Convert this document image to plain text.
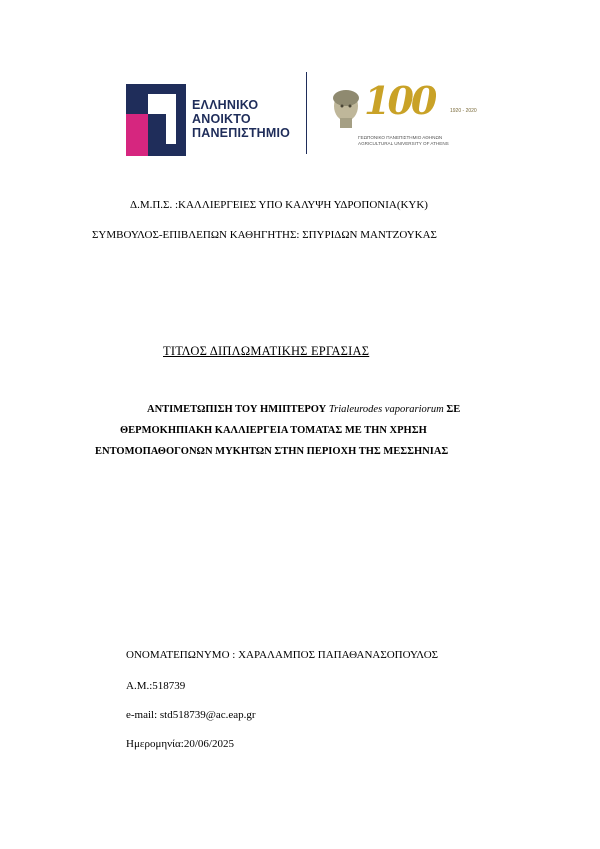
ΕΛΛΗΝΙΚΟ
ΑΝΟΙΚΤΟ
ΠΑΝΕΠΙΣΤΗΜΙΟ
100	1920 - 2020
ΓΕΩΠΟΝΙΚΟ ΠΑΝΕΠΙΣΤΗΜΙΟ ΑΘΗΝΩΝ
AGRICULTURAL UNIVERSITY OF ATHENS
Δ.Μ.Π.Σ. :ΚΑΛΛΙΕΡΓΕΙΕΣ ΥΠΟ ΚΑΛΥΨΗ ΥΔΡΟΠΟΝΙΑ(ΚΥΚ)
ΣΥΜΒΟΥΛΟΣ-ΕΠΙΒΛΕΠΩΝ ΚΑΘΗΓΗΤΗΣ: ΣΠΥΡΙΔΩΝ ΜΑΝΤΖΟΥΚΑΣ
ΤΙΤΛΟΣ ΔΙΠΛΩΜΑΤΙΚΗΣ ΕΡΓΑΣΙΑΣ
ΑΝΤΙΜΕΤΩΠΙΣΗ ΤΟΥ ΗΜΙΠΤΕΡΟΥ Trialeurodes vaporariorum ΣΕ
ΘΕΡΜΟΚΗΠΙΑΚΗ ΚΑΛΛΙΕΡΓΕΙΑ ΤΟΜΑΤΑΣ ΜΕ ΤΗΝ ΧΡΗΣΗ
ΕΝΤΟΜΟΠΑΘΟΓΟΝΩΝ ΜΥΚΗΤΩΝ ΣΤΗΝ ΠΕΡΙΟΧΗ ΤΗΣ ΜΕΣΣΗΝΙΑΣ
ΟΝΟΜΑΤΕΠΩΝΥΜΟ : ΧΑΡΑΛΑΜΠΟΣ ΠΑΠΑΘΑΝΑΣΟΠΟΥΛΟΣ
Α.Μ.:518739
e-mail: std518739@ac.eap.gr
Ημερομηνία:20/06/2025
